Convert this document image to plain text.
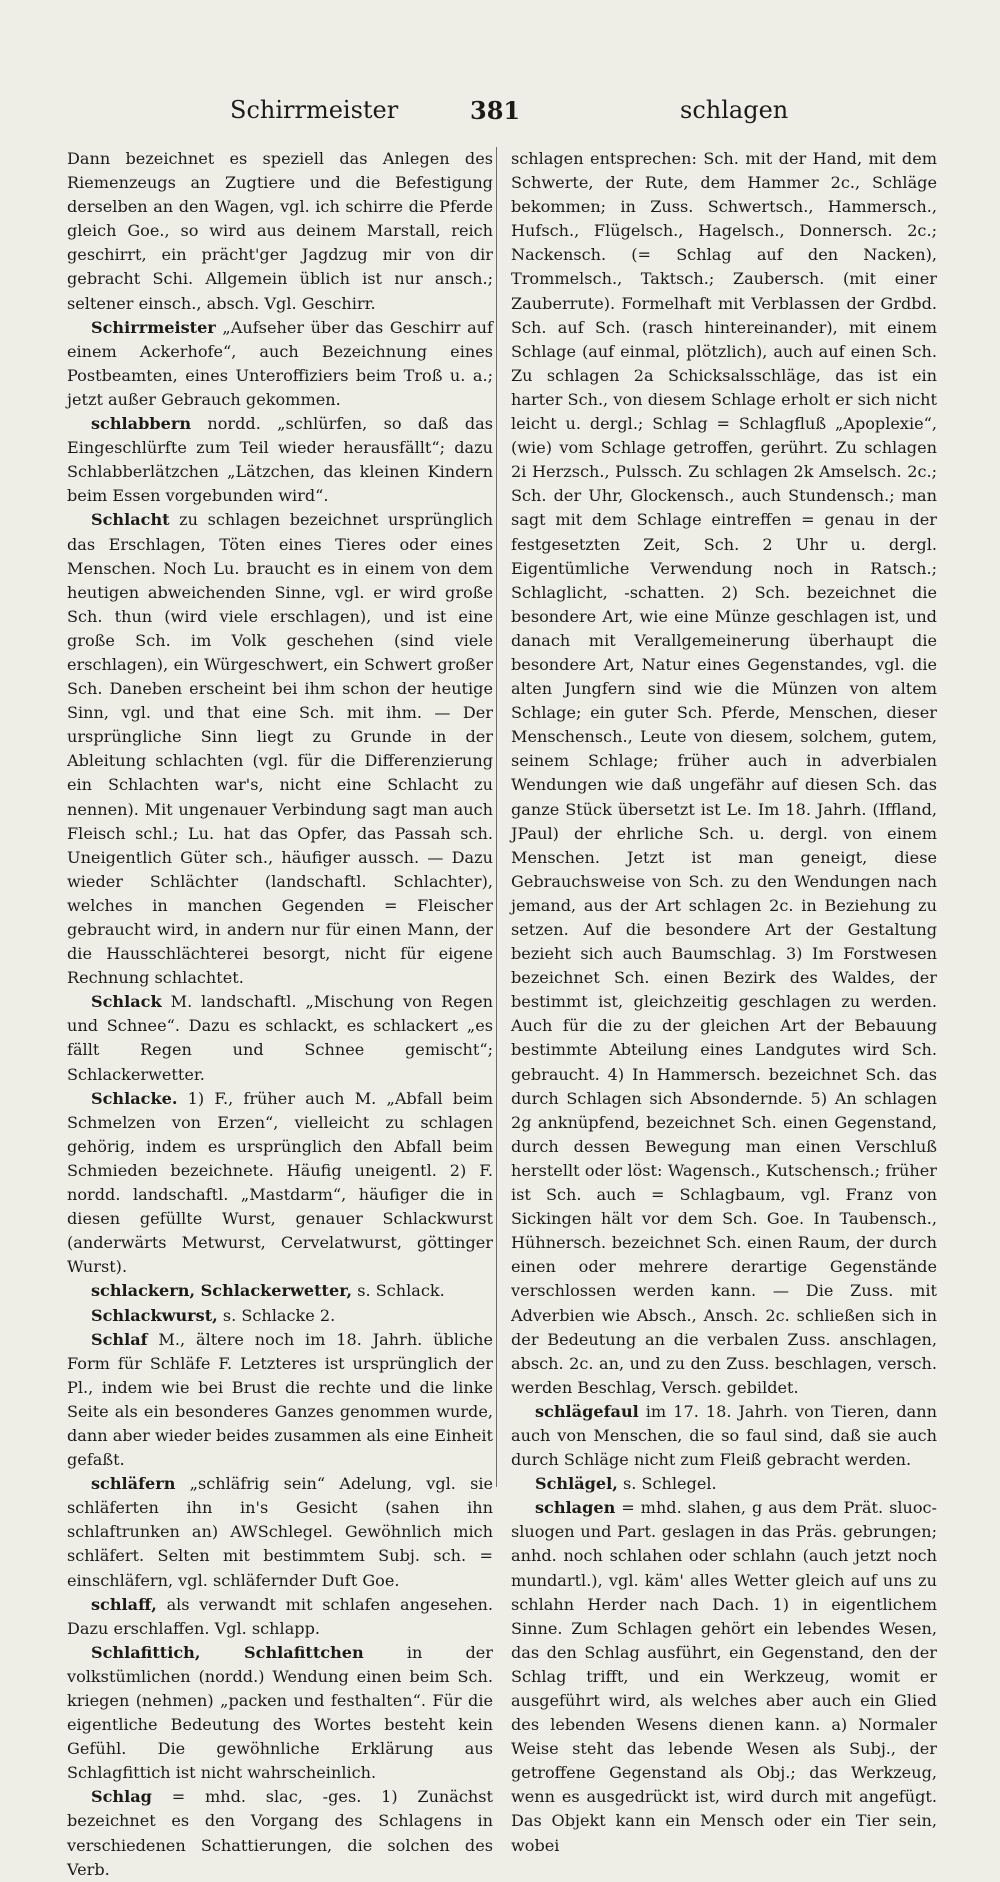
Schirrmeister	381	schlagen

Dann bezeichnet es speziell das Anlegen des Riemenzeugs an Zugtiere und die Befestigung derselben an den Wagen, vgl. ich schirre die Pferde gleich Goe., so wird aus deinem Marstall, reich geschirrt, ein prächt'ger Jagdzug mir von dir gebracht Schi. Allgemein üblich ist nur ansch.; seltener einsch., absch. Vgl. Geschirr.

Schirrmeister „Aufseher über das Geschirr auf einem Ackerhofe“, auch Bezeichnung eines Postbeamten, eines Unteroffiziers beim Troß u. a.; jetzt außer Gebrauch gekommen.

schlabbern nordd. „schlürfen, so daß das Eingeschlürfte zum Teil wieder herausfällt“; dazu Schlabberlätzchen „Lätzchen, das kleinen Kindern beim Essen vorgebunden wird“.

Schlacht zu schlagen bezeichnet ursprünglich das Erschlagen, Töten eines Tieres oder eines Menschen. Noch Lu. braucht es in einem von dem heutigen abweichenden Sinne, vgl. er wird große Sch. thun (wird viele erschlagen), und ist eine große Sch. im Volk geschehen (sind viele erschlagen), ein Würgeschwert, ein Schwert großer Sch. Daneben erscheint bei ihm schon der heutige Sinn, vgl. und that eine Sch. mit ihm. — Der ursprüngliche Sinn liegt zu Grunde in der Ableitung schlachten (vgl. für die Differenzierung ein Schlachten war's, nicht eine Schlacht zu nennen). Mit ungenauer Verbindung sagt man auch Fleisch schl.; Lu. hat das Opfer, das Passah sch. Uneigentlich Güter sch., häufiger aussch. — Dazu wieder Schlächter (landschaftl. Schlachter), welches in manchen Gegenden = Fleischer gebraucht wird, in andern nur für einen Mann, der die Hausschlächterei besorgt, nicht für eigene Rechnung schlachtet.

Schlack M. landschaftl. „Mischung von Regen und Schnee“. Dazu es schlackt, es schlackert „es fällt Regen und Schnee gemischt“; Schlackerwetter.

Schlacke. 1) F., früher auch M. „Abfall beim Schmelzen von Erzen“, vielleicht zu schlagen gehörig, indem es ursprünglich den Abfall beim Schmieden bezeichnete. Häufig uneigentl. 2) F. nordd. landschaftl. „Mastdarm“, häufiger die in diesen gefüllte Wurst, genauer Schlackwurst (anderwärts Metwurst, Cervelatwurst, göttinger Wurst).

schlackern, Schlackerwetter, s. Schlack.

Schlackwurst, s. Schlacke 2.

Schlaf M., ältere noch im 18. Jahrh. übliche Form für Schläfe F. Letzteres ist ursprünglich der Pl., indem wie bei Brust die rechte und die linke Seite als ein besonderes Ganzes genommen wurde, dann aber wieder beides zusammen als eine Einheit gefaßt.

schläfern „schläfrig sein“ Adelung, vgl. sie schläferten ihn in's Gesicht (sahen ihn schlaftrunken an) AWSchlegel. Gewöhnlich mich schläfert. Selten mit bestimmtem Subj. sch. = einschläfern, vgl. schläfernder Duft Goe.

schlaff, als verwandt mit schlafen angesehen. Dazu erschlaffen. Vgl. schlapp.

Schlafittich, Schlafittchen in der volkstümlichen (nordd.) Wendung einen beim Sch. kriegen (nehmen) „packen und festhalten“. Für die eigentliche Bedeutung des Wortes besteht kein Gefühl. Die gewöhnliche Erklärung aus Schlagfittich ist nicht wahrscheinlich.

Schlag = mhd. slac, -ges. 1) Zunächst bezeichnet es den Vorgang des Schlagens in verschiedenen Schattierungen, die solchen des Verb.

schlagen entsprechen: Sch. mit der Hand, mit dem Schwerte, der Rute, dem Hammer 2c., Schläge bekommen; in Zuss. Schwertsch., Hammersch., Hufsch., Flügelsch., Hagelsch., Donnersch. 2c.; Nackensch. (= Schlag auf den Nacken), Trommelsch., Taktsch.; Zaubersch. (mit einer Zauberrute). Formelhaft mit Verblassen der Grdbd. Sch. auf Sch. (rasch hintereinander), mit einem Schlage (auf einmal, plötzlich), auch auf einen Sch. Zu schlagen 2a Schicksalsschläge, das ist ein harter Sch., von diesem Schlage erholt er sich nicht leicht u. dergl.; Schlag = Schlagfluß „Apoplexie“, (wie) vom Schlage getroffen, gerührt. Zu schlagen 2i Herzsch., Pulssch. Zu schlagen 2k Amselsch. 2c.; Sch. der Uhr, Glockensch., auch Stundensch.; man sagt mit dem Schlage eintreffen = genau in der festgesetzten Zeit, Sch. 2 Uhr u. dergl. Eigentümliche Verwendung noch in Ratsch.; Schlaglicht, -schatten. 2) Sch. bezeichnet die besondere Art, wie eine Münze geschlagen ist, und danach mit Verallgemeinerung überhaupt die besondere Art, Natur eines Gegenstandes, vgl. die alten Jungfern sind wie die Münzen von altem Schlage; ein guter Sch. Pferde, Menschen, dieser Menschensch., Leute von diesem, solchem, gutem, seinem Schlage; früher auch in adverbialen Wendungen wie daß ungefähr auf diesen Sch. das ganze Stück übersetzt ist Le. Im 18. Jahrh. (Iffland, JPaul) der ehrliche Sch. u. dergl. von einem Menschen. Jetzt ist man geneigt, diese Gebrauchsweise von Sch. zu den Wendungen nach jemand, aus der Art schlagen 2c. in Beziehung zu setzen. Auf die besondere Art der Gestaltung bezieht sich auch Baumschlag. 3) Im Forstwesen bezeichnet Sch. einen Bezirk des Waldes, der bestimmt ist, gleichzeitig geschlagen zu werden. Auch für die zu der gleichen Art der Bebauung bestimmte Abteilung eines Landgutes wird Sch. gebraucht. 4) In Hammersch. bezeichnet Sch. das durch Schlagen sich Absondernde. 5) An schlagen 2g anknüpfend, bezeichnet Sch. einen Gegenstand, durch dessen Bewegung man einen Verschluß herstellt oder löst: Wagensch., Kutschensch.; früher ist Sch. auch = Schlagbaum, vgl. Franz von Sickingen hält vor dem Sch. Goe. In Taubensch., Hühnersch. bezeichnet Sch. einen Raum, der durch einen oder mehrere derartige Gegenstände verschlossen werden kann. — Die Zuss. mit Adverbien wie Absch., Ansch. 2c. schließen sich in der Bedeutung an die verbalen Zuss. anschlagen, absch. 2c. an, und zu den Zuss. beschlagen, versch. werden Beschlag, Versch. gebildet.

schlägefaul im 17. 18. Jahrh. von Tieren, dann auch von Menschen, die so faul sind, daß sie auch durch Schläge nicht zum Fleiß gebracht werden.

Schlägel, s. Schlegel.

schlagen = mhd. slahen, g aus dem Prät. sluoc-sluogen und Part. geslagen in das Präs. gebrungen; anhd. noch schlahen oder schlahn (auch jetzt noch mundartl.), vgl. käm' alles Wetter gleich auf uns zu schlahn Herder nach Dach. 1) in eigentlichem Sinne. Zum Schlagen gehört ein lebendes Wesen, das den Schlag ausführt, ein Gegenstand, den der Schlag trifft, und ein Werkzeug, womit er ausgeführt wird, als welches aber auch ein Glied des lebenden Wesens dienen kann. a) Normaler Weise steht das lebende Wesen als Subj., der getroffene Gegenstand als Obj.; das Werkzeug, wenn es ausgedrückt ist, wird durch mit angefügt. Das Objekt kann ein Mensch oder ein Tier sein, wobei
